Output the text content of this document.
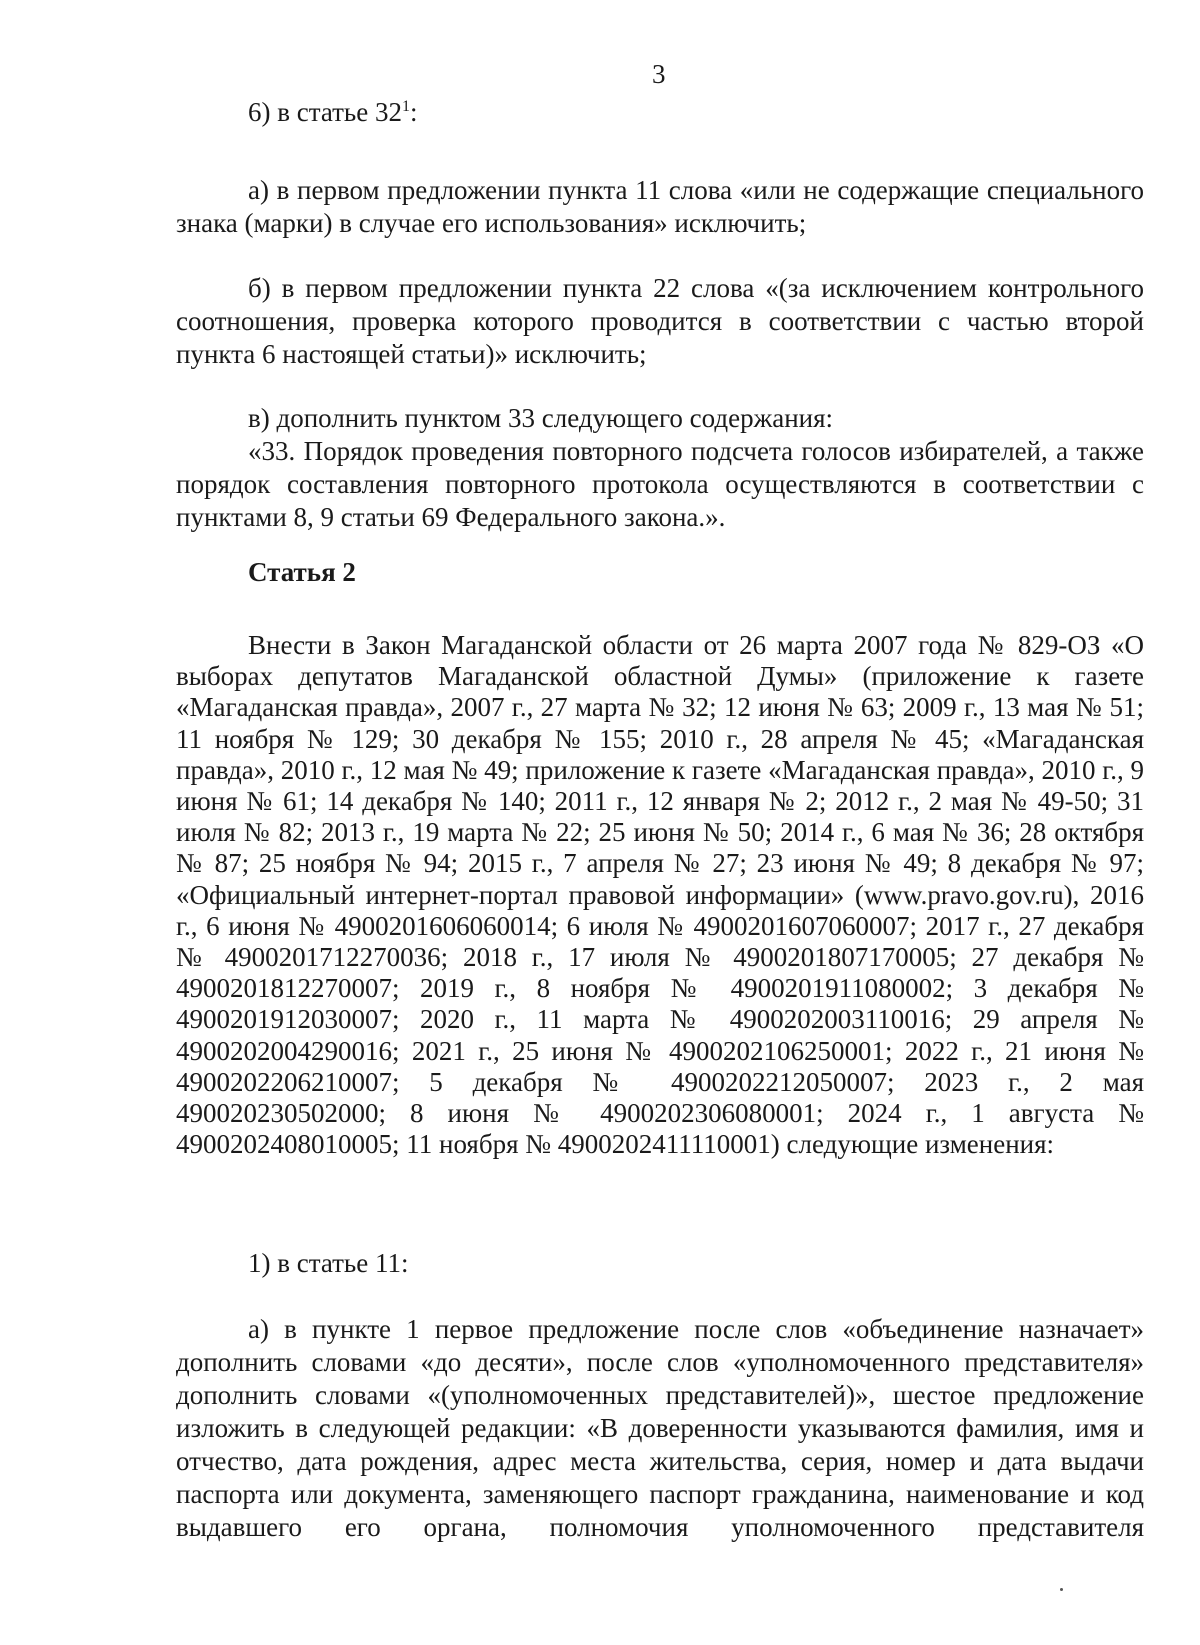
3

6) в статье $32^1$:

а) в первом предложении пункта 11 слова «или не содержащие специального знака (марки) в случае его использования» исключить;

б) в первом предложении пункта 22 слова «(за исключением контрольного соотношения, проверка которого проводится в соответствии с частью второй пункта 6 настоящей статьи)» исключить;

в) дополнить пунктом 33 следующего содержания:

«33. Порядок проведения повторного подсчета голосов избирателей, а также порядок составления повторного протокола осуществляются в соответствии с пунктами 8, 9 статьи 69 Федерального закона.».

Статья 2

Внести в Закон Магаданской области от 26 марта 2007 года № 829-ОЗ «О выборах депутатов Магаданской областной Думы» (приложение к газете «Магаданская правда», 2007 г., 27 марта № 32; 12 июня № 63; 2009 г., 13 мая № 51; 11 ноября № 129; 30 декабря № 155; 2010 г., 28 апреля № 45; «Магаданская правда», 2010 г., 12 мая № 49; приложение к газете «Магаданская правда», 2010 г., 9 июня № 61; 14 декабря № 140; 2011 г., 12 января № 2; 2012 г., 2 мая № 49-50; 31 июля № 82; 2013 г., 19 марта № 22; 25 июня № 50; 2014 г., 6 мая № 36; 28 октября № 87; 25 ноября № 94; 2015 г., 7 апреля № 27; 23 июня № 49; 8 декабря № 97; «Официальный интернет-портал правовой информации» (www.pravo.gov.ru), 2016 г., 6 июня № 4900201606060014; 6 июля № 4900201607060007; 2017 г., 27 декабря № 4900201712270036; 2018 г., 17 июля № 4900201807170005; 27 декабря № 4900201812270007; 2019 г., 8 ноября № 4900201911080002; 3 декабря № 4900201912030007; 2020 г., 11 марта № 4900202003110016; 29 апреля № 4900202004290016; 2021 г., 25 июня № 4900202106250001; 2022 г., 21 июня № 4900202206210007; 5 декабря № 4900202212050007; 2023 г., 2 мая 490020230502000; 8 июня № 4900202306080001; 2024 г., 1 августа № 4900202408010005; 11 ноября № 4900202411110001) следующие изменения:

1) в статье 11:

а) в пункте 1 первое предложение после слов «объединение назначает» дополнить словами «до десяти», после слов «уполномоченного представителя» дополнить словами «(уполномоченных представителей)», шестое предложение изложить в следующей редакции: «В доверенности указываются фамилия, имя и отчество, дата рождения, адрес места жительства, серия, номер и дата выдачи паспорта или документа, заменяющего паспорт гражданина, наименование и код выдавшего его органа, полномочия уполномоченного представителя
